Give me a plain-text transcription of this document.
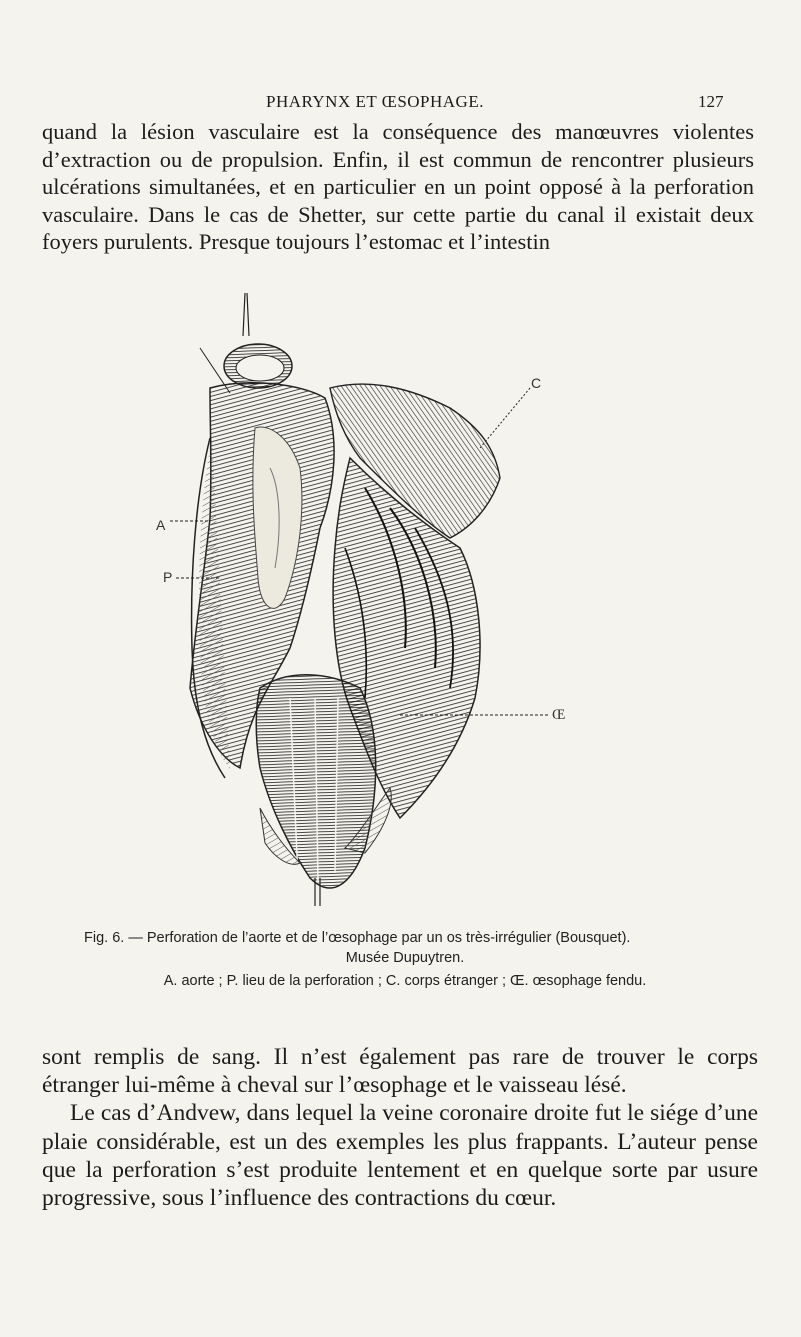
PHARYNX ET ŒSOPHAGE.	127

quand la lésion vasculaire est la conséquence des manœuvres violentes d’extraction ou de propulsion. Enfin, il est commun de rencontrer plusieurs ulcérations simultanées, et en particulier en un point opposé à la perforation vasculaire. Dans le cas de Shetter, sur cette partie du canal il existait deux foyers purulents. Presque toujours l’estomac et l’intestin

A
P
C
Œ
Fig. 6. — Perforation de l’aorte et de l’œsophage par un os très-irrégulier (Bousquet).
Musée Dupuytren.
A. aorte ; P. lieu de la perforation ; C. corps étranger ; Œ. œsophage fendu.
sont remplis de sang. Il n’est également pas rare de trouver le corps étranger lui-même à cheval sur l’œsophage et le vaisseau lésé.
Le cas d’Andvew, dans lequel la veine coronaire droite fut le siége d’une plaie considérable, est un des exemples les plus frappants. L’auteur pense que la perforation s’est produite lentement et en quelque sorte par usure progressive, sous l’influence des contractions du cœur.
